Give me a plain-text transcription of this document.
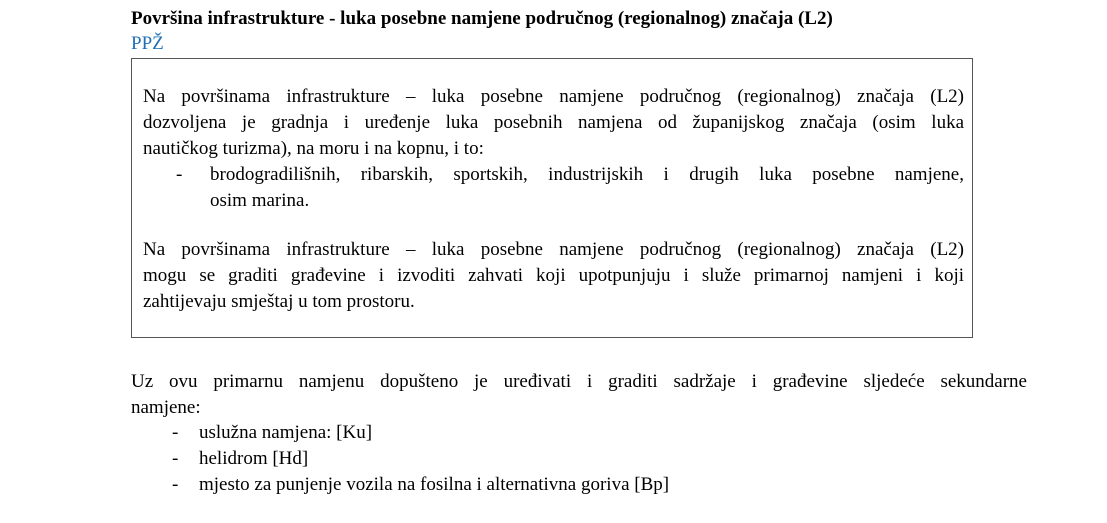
Površina infrastrukture - luka posebne namjene područnog (regionalnog) značaja (L2)
PPŽ

Na površinama infrastrukture – luka posebne namjene područnog (regionalnog) značaja (L2)
dozvoljena je gradnja i uređenje luka posebnih namjena od županijskog značaja (osim luka
nautičkog turizma), na moru i na kopnu, i to:

- brodogradilišnih, ribarskih, sportskih, industrijskih i drugih luka posebne namjene,
osim marina.

Na površinama infrastrukture – luka posebne namjene područnog (regionalnog) značaja (L2)
mogu se graditi građevine i izvoditi zahvati koji upotpunjuju i služe primarnoj namjeni i koji
zahtijevaju smještaj u tom prostoru.

Uz ovu primarnu namjenu dopušteno je uređivati i graditi sadržaje i građevine sljedeće sekundarne
namjene:
- uslužna namjena: [Ku]
- helidrom [Hd]
- mjesto za punjenje vozila na fosilna i alternativna goriva [Bp]
